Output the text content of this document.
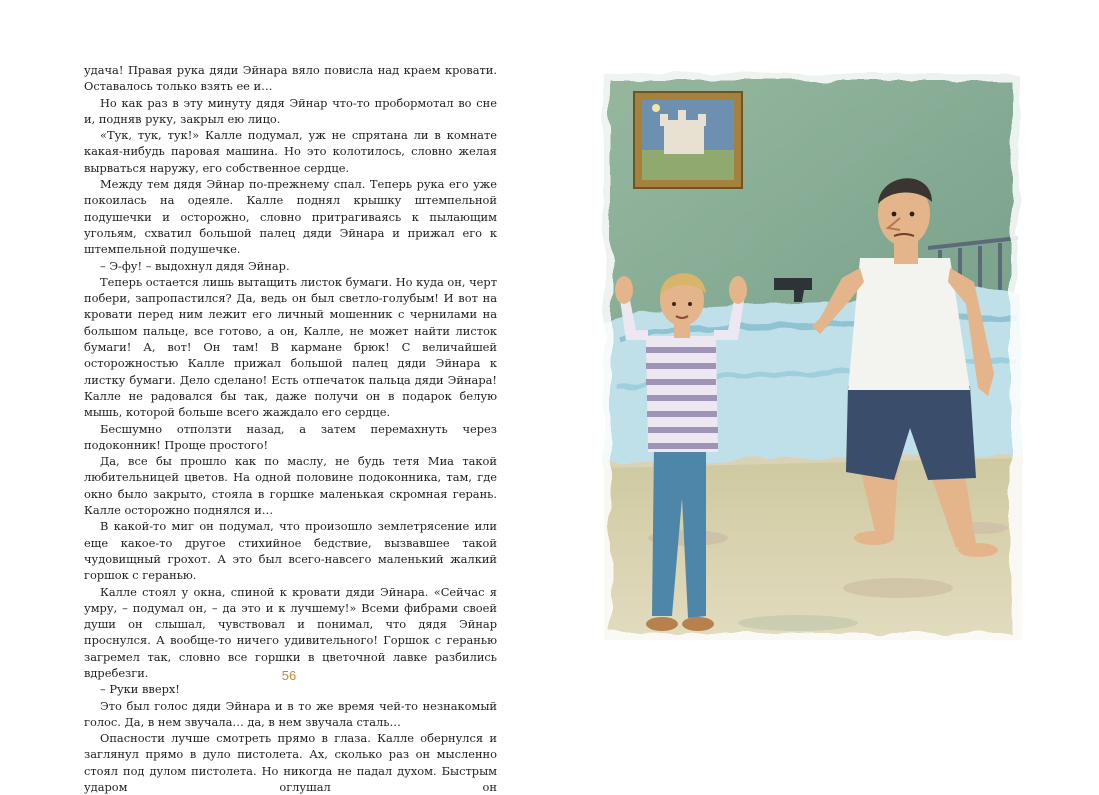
удача! Правая рука дяди Эйнара вяло повисла над краем кровати. Оставалось только взять ее и…

Но как раз в эту минуту дядя Эйнар что-то пробормотал во сне и, подняв руку, закрыл ею лицо.

«Тук, тук, тук!» Калле подумал, уж не спрятана ли в комнате какая-нибудь паровая машина. Но это колотилось, словно желая вырваться наружу, его собственное сердце.

Между тем дядя Эйнар по-прежнему спал. Теперь рука его уже покоилась на одеяле. Калле поднял крышку штемпельной подушечки и осторожно, словно притрагиваясь к пылающим угольям, схватил большой палец дяди Эйнара и прижал его к штемпельной подушечке.

– Э-фу! – выдохнул дядя Эйнар.

Теперь остается лишь вытащить листок бумаги. Но куда он, черт побери, запропастился? Да, ведь он был светло-голубым! И вот на кровати перед ним лежит его личный мошенник с чернилами на большом пальце, все готово, а он, Калле, не может найти листок бумаги! А, вот! Он там! В кармане брюк! С величайшей осторожностью Калле прижал большой палец дяди Эйнара к листку бумаги. Дело сделано! Есть отпечаток пальца дяди Эйнара! Калле не радовался бы так, даже получи он в подарок белую мышь, которой больше всего жаждало его сердце.

Бесшумно отползти назад, а затем перемахнуть через подоконник! Проще простого!

Да, все бы прошло как по маслу, не будь тетя Миа такой любительницей цветов. На одной половине подоконника, там, где окно было закрыто, стояла в горшке маленькая скромная герань. Калле осторожно поднялся и…

В какой-то миг он подумал, что произошло землетрясение или еще какое-то другое стихийное бедствие, вызвавшее такой чудовищный грохот. А это был всего-навсего маленький жалкий горшок с геранью.

Калле стоял у окна, спиной к кровати дяди Эйнара. «Сейчас я умру, – подумал он, – да это и к лучшему!» Всеми фибрами своей души он слышал, чувствовал и понимал, что дядя Эйнар проснулся. А вообще-то ничего удивительного! Горшок с геранью загремел так, словно все горшки в цветочной лавке разбились вдребезги.

– Руки вверх!

Это был голос дяди Эйнара и в то же время чей-то незнакомый голос. Да, в нем звучала… да, в нем звучала сталь…

Опасности лучше смотреть прямо в глаза. Калле обернулся и заглянул прямо в дуло пистолета. Ах, сколько раз он мысленно стоял под дулом пистолета. Но никогда не падал духом. Быстрым ударом оглушал он

56
